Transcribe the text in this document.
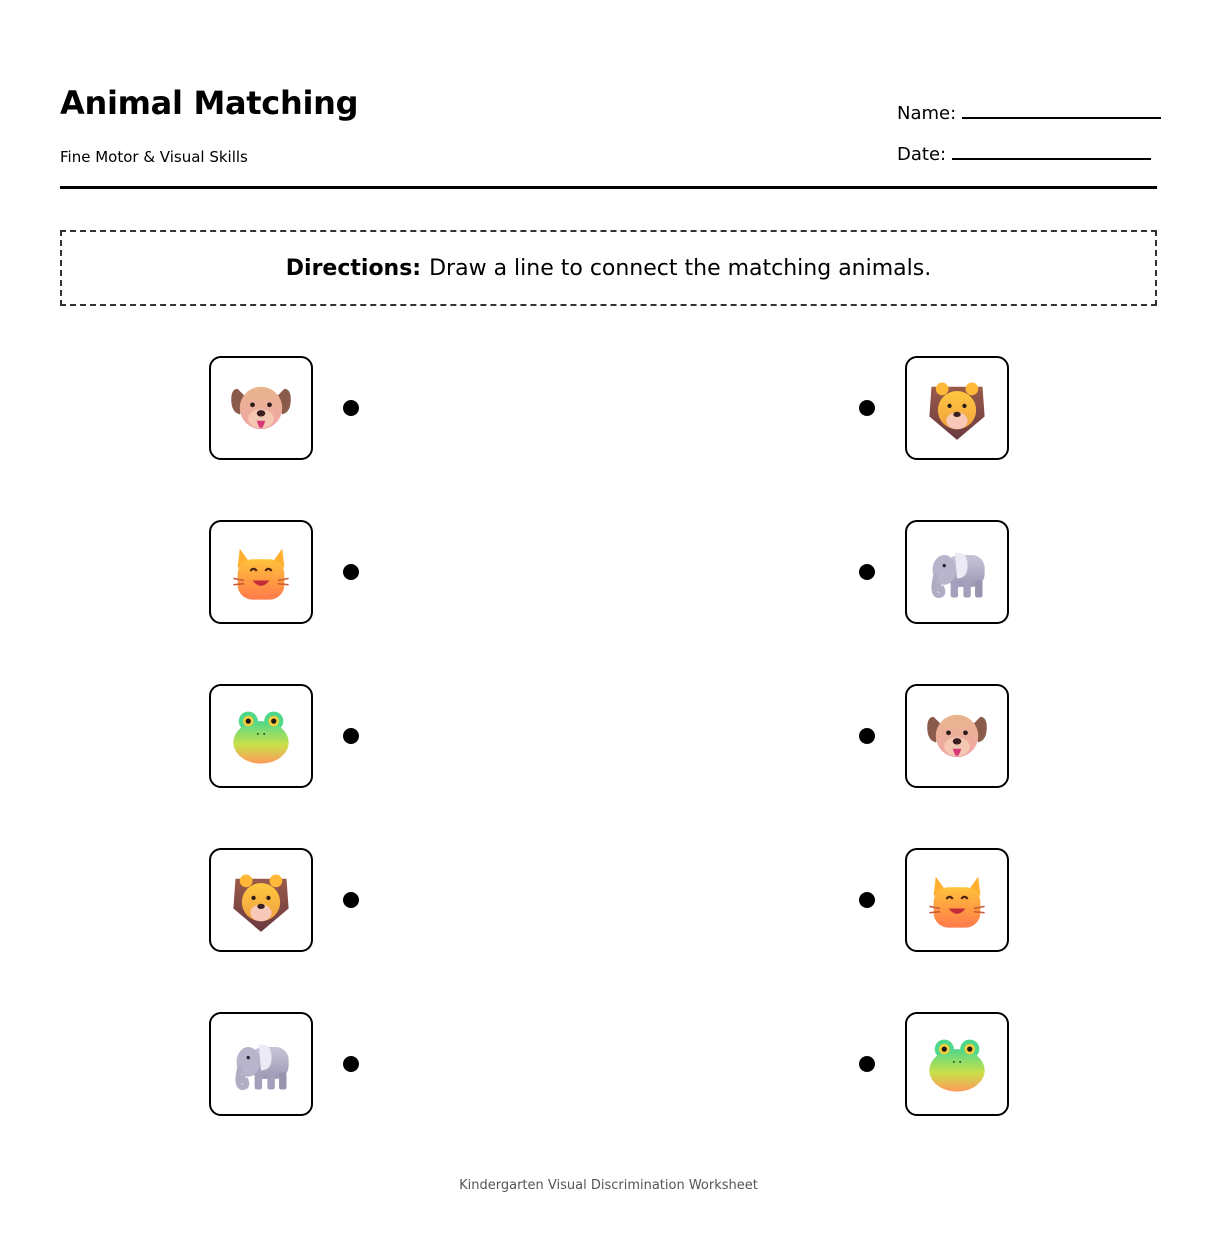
Animal Matching

Fine Motor & Visual Skills

Name:
Date:
Directions: Draw a line to connect the matching animals.
Kindergarten Visual Discrimination Worksheet
